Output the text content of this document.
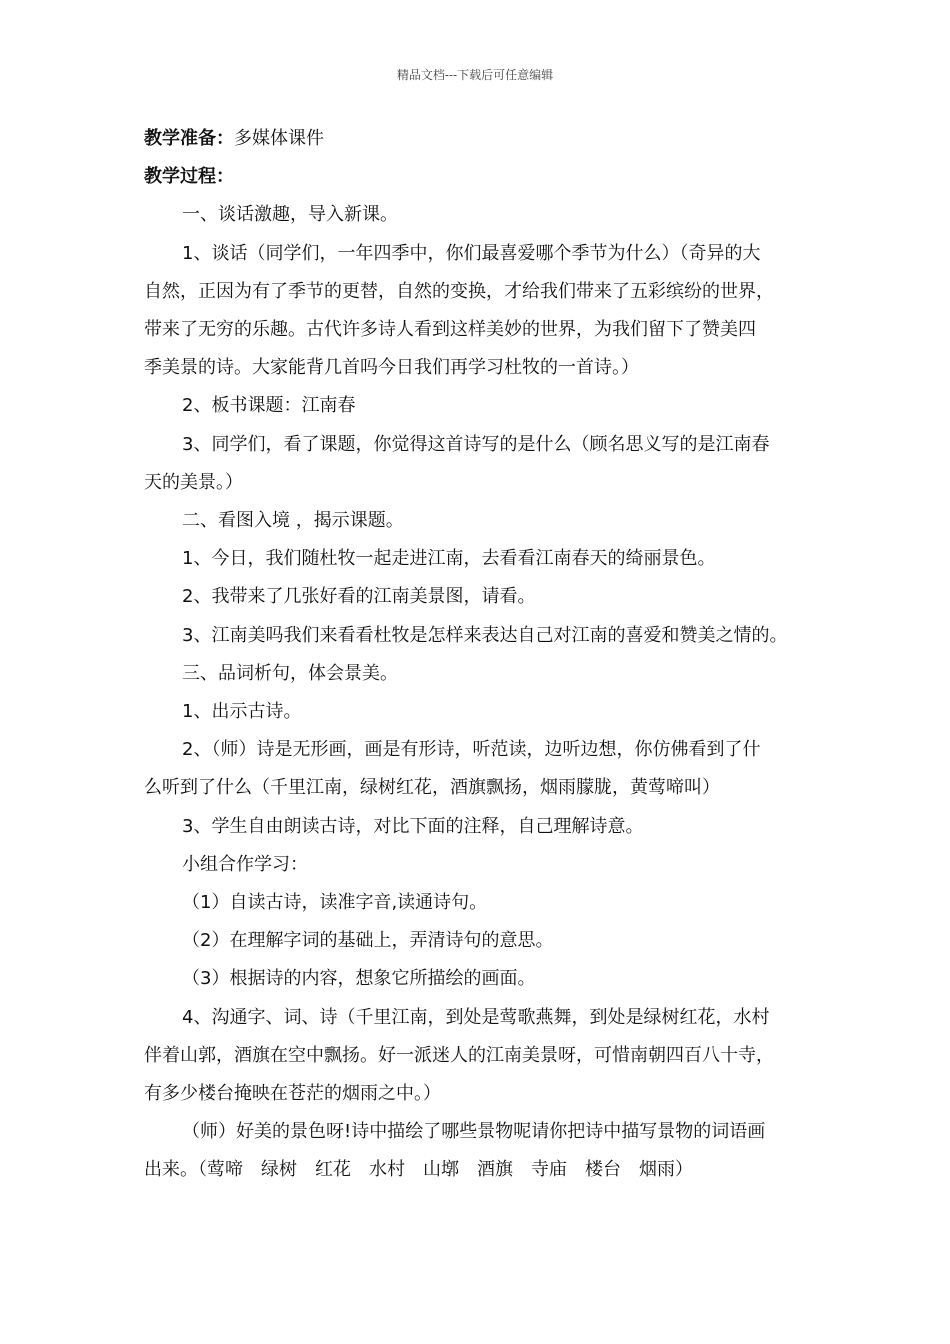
精品文档---下载后可任意编辑
教学准备：多媒体课件
教学过程：
一、谈话激趣，导入新课。
1、谈话（同学们，一年四季中，你们最喜爱哪个季节为什么）（奇异的大
自然，正因为有了季节的更替，自然的变换，才给我们带来了五彩缤纷的世界，
带来了无穷的乐趣。古代许多诗人看到这样美妙的世界，为我们留下了赞美四
季美景的诗。大家能背几首吗今日我们再学习杜牧的一首诗。）
2、板书课题：江南春
3、同学们，看了课题，你觉得这首诗写的是什么（顾名思义写的是江南春
天的美景。）
二、看图入境 ，揭示课题。
1、今日，我们随杜牧一起走进江南，去看看江南春天的绮丽景色。
2、我带来了几张好看的江南美景图，请看。
3、江南美吗我们来看看杜牧是怎样来表达自己对江南的喜爱和赞美之情的。
三、品词析句，体会景美。
1、出示古诗。
2、（师）诗是无形画，画是有形诗，听范读，边听边想，你仿佛看到了什
么听到了什么（千里江南，绿树红花，酒旗飘扬，烟雨朦胧，黄莺啼叫）
3、学生自由朗读古诗，对比下面的注释，自己理解诗意。
小组合作学习：
（1）自读古诗，读准字音,读通诗句。
（2）在理解字词的基础上，弄清诗句的意思。
（3）根据诗的内容，想象它所描绘的画面。
4、沟通字、词、诗（千里江南，到处是莺歌燕舞，到处是绿树红花，水村
伴着山郭，酒旗在空中飘扬。好一派迷人的江南美景呀，可惜南朝四百八十寺，
有多少楼台掩映在苍茫的烟雨之中。）
（师）好美的景色呀!诗中描绘了哪些景物呢请你把诗中描写景物的词语画
出来。（莺啼　绿树　红花　水村　山墎　酒旗　寺庙　楼台　烟雨）
